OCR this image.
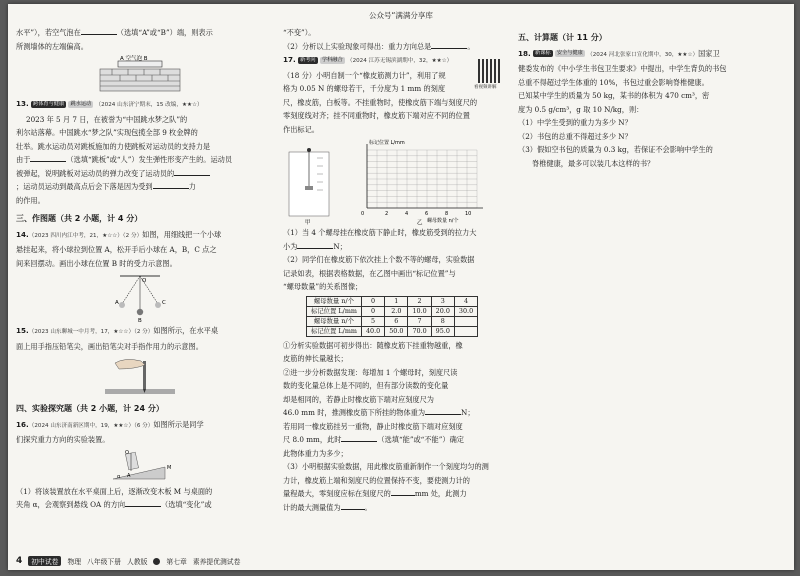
公众号“满满分享库

水平”），若空气泡在	（选填“A”或“B”）端，则表示

所测墙体的左端偏高。

A 空气泡 B

13. 跨体育与健康 跳水运动 （2024 山东济宁期末，15 改编，★★☆）

2023 年 5 月 7 日，在被誉为“中国跳水梦之队”的

利尔站落幕。中国跳水“梦之队”实现包揽全部 9 枚金牌的

壮举。跳水运动员对跳板施加的力使跳板对运动员的支持力是

由于	（选填“跳板”或“人”）发生弹性形变产生的。运动员

被弹起，说明跳板对运动员的弹力改变了运动员的

；运动员运动到最高点后会下落是因为受到	力

的作用。

三、作图题（共 2 小题，计 4 分）

14.（2023 四川内江中考，21，★☆☆）（2 分）如图，用细线把一个小球

悬挂起来，将小球拉到位置 A，松开手后小球在 A，B，C 点之

间来回摆动。画出小球在位置 B 时的受力示意图。

A
B
C
O

15.（2023 山东聊城一中月考，17，★☆☆）（2 分）如图所示，在水平桌

面上用手指压铅笔尖，画出铅笔尖对手指作用力的示意图。

四、实验探究题（共 2 小题，计 24 分）

16.（2024 山东济南新区期中，19，★★☆）（6 分）如图所示是同学

们探究重力方向的实验装置。

O
A
M
α

（1）将该装置放在水平桌面上后，逐渐改变木板 M 与桌面的

夹角 α，会观察到悬线 OA 的方向	（选填“变化”或

“不变”）。

（2）分析以上实验现象可得出：重力方向总是	。

17. 新考向 学科融合 （2024 江苏无锡滨湖期中，32，★★☆）

（18 分）小明自制一个“橡皮筋测力计”，利用了规

格为 0.05 N 的螺母若干，千分度为 1 mm 的刻度

尺，橡皮筋，白板等。不挂重物时，使橡皮筋下端与刻度尺的

零刻度线对齐；挂不同重物时，橡皮筋下端对应不同的位置

作出标记。

甲
2	4	6	8	10
标记位置 L/mm
螺母数量 n/个
0
乙

（1）当 4 个螺母挂在橡皮筋下静止时，橡皮筋受到的拉力大

小为	N；

（2）同学们在橡皮筋下依次挂上个数不等的螺母，实验数据

记录如表，根据表格数据，在乙图中画出“标记位置”与

“螺母数量”的关系图像；

螺母数量 n/个	0	1	2	3	4
标记位置 L/mm	0	2.0	10.0	20.0	30.0
螺母数量 n/个	5	6	7	8	
标记位置 L/mm	40.0	50.0	70.0	95.0	

①分析实验数据可初步得出：随橡皮筋下挂重物越重，橡

皮筋的伸长量越长；

②进一步分析数据发现：每增加 1 个螺母时，刻度尺读

数的变化量总体上是不同的，但有部分读数的变化量

却是相同的，若静止时橡皮筋下端对应刻度尺为

46.0 mm 时，推测橡皮筋下所挂的物体重为	N；

若用同一橡皮筋挂另一重物，静止时橡皮筋下端对应刻度

尺 8.0 mm，此时	（选填“能”或“不能”）确定

此物体重力为多少；

（3）小明根据实验数据，用此橡皮筋重新制作一个刻度均匀的测

力计，橡皮筋上端和刻度尺的位置保持不变，要使测力计的

量程最大，零刻度应标在刻度尺的	mm 处，此测力

计的最大测量值为	。

看视频讲解
五、计算题（计 11 分）

18. 新课标 安全与健康 （2024 河北张家口宣化期中，30，★★☆）国家卫

健委发布的《中小学生书包卫生要求》中提出，中学生背负的书包

总重不得超过学生体重的 10%，书包过重会影响脊椎健康。

已知某中学生的质量为 50 kg，某书的体积为 470 cm³，密

度为 0.5 g/cm³，g 取 10 N/kg，则：

（1）中学生受到的重力为多少 N？

（2）书包的总重不得超过多少 N？

（3）假如空书包的质量为 0.3 kg，若保证不会影响中学生的

脊椎健康，最多可以装几本这样的书？

4	初中试卷	物理 八年级下册 人教版	第七章 素养提优测试卷
